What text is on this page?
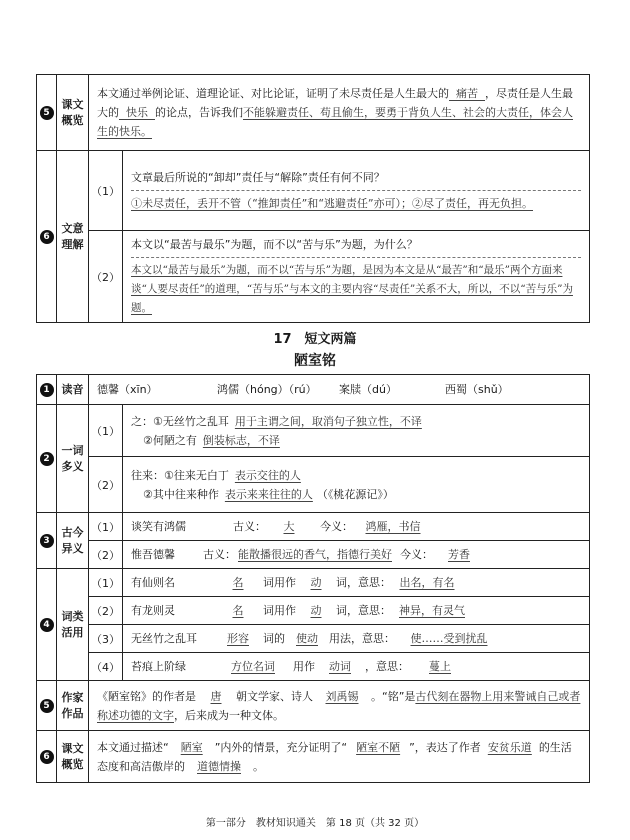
5	课文概览	本文通过举例论证、道理论证、对比论证，证明了未尽责任是人生最大的 痛苦 ，尽责任是人生最大的 快乐 的论点，告诉我们不能躲避责任、苟且偷生，要勇于背负人生、社会的大责任，体会人生的快乐。	
6	文意理解	（1）	文章最后所说的“卸却”责任与“解除”责任有何不同？
①未尽责任，丢开不管（“推卸责任”和“逃避责任”亦可）；②尽了责任，再无负担。

		（2）	本文以“最苦与最乐”为题，而不以“苦与乐”为题，为什么？
本文以“最苦与最乐”为题，而不以“苦与乐”为题，是因为本文是从“最苦”和“最乐”两个方面来谈“人要尽责任”的道理，“苦与乐”与本文的主要内容“尽责任”关系不大，所以，不以“苦与乐”为题。
17　短文两篇
陋室铭
1	读音	德馨（xīn） 鸿儒（hóng）（rú） 案牍（dú） 西蜀（shǔ）	
2	一词多义	（1）	之：①无丝竹之乱耳 用于主谓之间，取消句子独立性，不译
②何陋之有 倒装标志，不译

		（2）	往来：①往来无白丁 表示交往的人
②其中往来种作 表示来来往往的人 （《桃花源记》）

3	古今异义	（1）	谈笑有鸿儒 古义： 大 今义： 鸿雁，书信
		（2）	惟吾德馨 古义： 能散播很远的香气，指德行美好 今义： 芳香
4	词类活用	（1）	有仙则名 名 词用作 动 词，意思： 出名，有名
		（2）	有龙则灵 名 词用作 动 词，意思： 神异，有灵气
		（3）	无丝竹之乱耳 形容 词的 使动 用法，意思： 使……受到扰乱
		（4）	苔痕上阶绿 方位名词 用作 动词 ，意思： 蔓上
5	作家作品	《陋室铭》的作者是 唐 朝文学家、诗人 刘禹锡 。“铭”是古代刻在器物上用来警诫自己或者称述功德的文字，后来成为一种文体。	
6	课文概览	本文通过描述“ 陋室 ”内外的情景，充分证明了“ 陋室不陋 ”，表达了作者 安贫乐道 的生活态度和高洁傲岸的 道德情操 。	
第一部分　教材知识通关　第 18 页（共 32 页）
